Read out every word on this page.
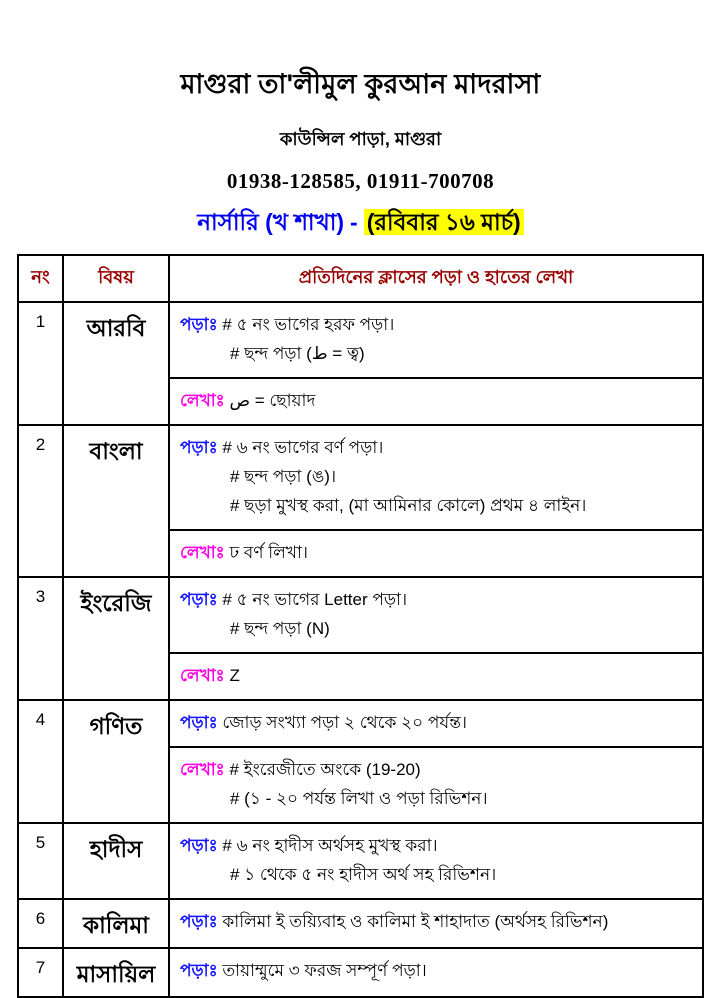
মাগুরা তা'লীমুল কুরআন মাদরাসা
কাউন্সিল পাড়া, মাগুরা
01938-128585, 01911-700708
নার্সারি (খ শাখা) - (রবিবার ১৬ মার্চ)
নং	বিষয়	প্রতিদিনের ক্লাসের পড়া ও হাতের লেখা
1	আরবি	পড়াঃ # ৫ নং ভাগের হরফ পড়া।
# ছন্দ পড়া (ط = ত্ব)
লেখাঃ ص = ছোয়াদ

2	বাংলা	পড়াঃ # ৬ নং ভাগের বর্ণ পড়া।
# ছন্দ পড়া (ঙ)।
# ছড়া মুখস্থ করা, (মা আমিনার কোলে) প্রথম ৪ লাইন।
লেখাঃ ঢ বর্ণ লিখা।

3	ইংরেজি	পড়াঃ # ৫ নং ভাগের Letter পড়া।
# ছন্দ পড়া (N)
লেখাঃ Z

4	গণিত	পড়াঃ জোড় সংখ্যা পড়া ২ থেকে ২০ পর্যন্ত।
লেখাঃ # ইংরেজীতে অংকে (19-20)
# (১ - ২০ পর্যন্ত লিখা ও পড়া রিভিশন।

5	হাদীস	পড়াঃ # ৬ নং হাদীস অর্থসহ মুখস্থ করা।
# ১ থেকে ৫ নং হাদীস অর্থ সহ রিভিশন।

6	কালিমা	পড়াঃ কালিমা ই তয়্যিবাহ ও কালিমা ই শাহাদাত (অর্থসহ রিভিশন)

7	মাসায়িল	পড়াঃ তায়াম্মুমে ৩ ফরজ সম্পূর্ণ পড়া।
